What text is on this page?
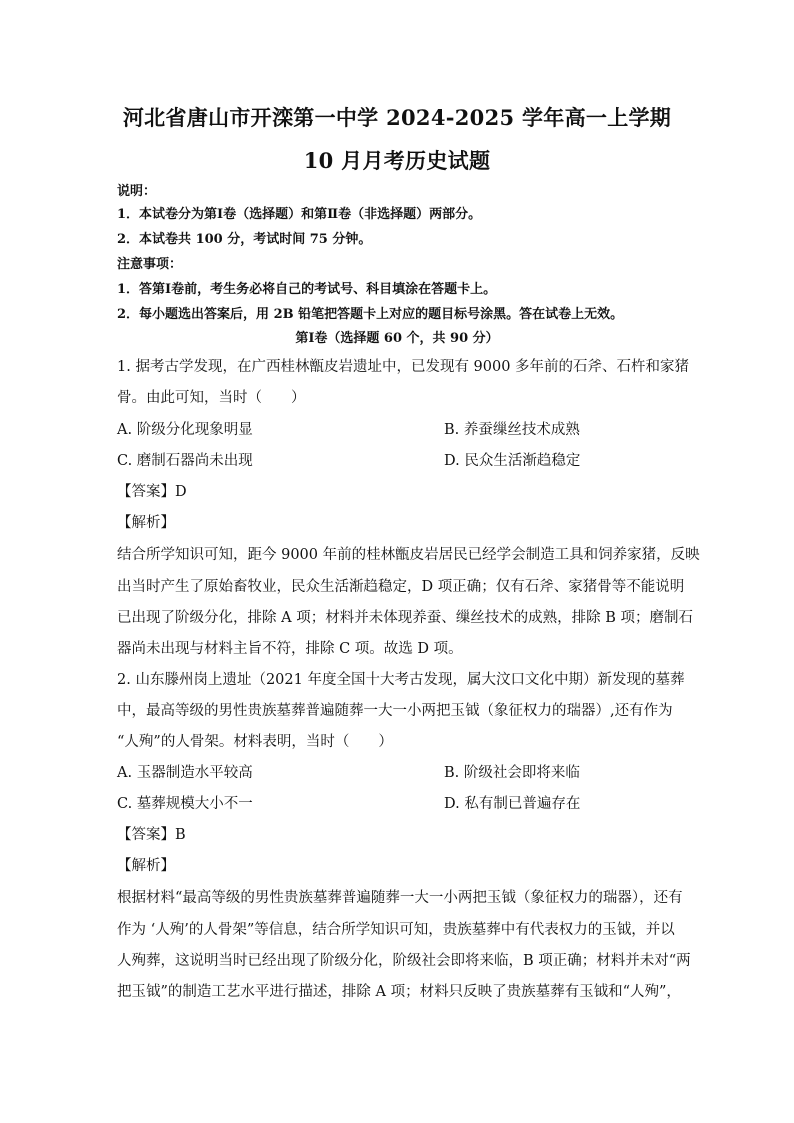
河北省唐山市开滦第一中学 2024-2025 学年高一上学期
10 月月考历史试题
说明：
1．本试卷分为第Ⅰ卷（选择题）和第Ⅱ卷（非选择题）两部分。
2．本试卷共 100 分，考试时间 75 分钟。
注意事项：
1．答第Ⅰ卷前，考生务必将自己的考试号、科目填涂在答题卡上。
2．每小题选出答案后，用 2B 铅笔把答题卡上对应的题目标号涂黑。答在试卷上无效。
第Ⅰ卷（选择题 60 个，共 90 分）
1. 据考古学发现，在广西桂林甑皮岩遗址中，已发现有 9000 多年前的石斧、石杵和家猪
骨。由此可知，当时（　　）
A. 阶级分化现象明显	B. 养蚕缫丝技术成熟
C. 磨制石器尚未出现	D. 民众生活渐趋稳定
【答案】D
【解析】
结合所学知识可知，距今 9000 年前的桂林甑皮岩居民已经学会制造工具和饲养家猪，反映
出当时产生了原始畜牧业，民众生活渐趋稳定，D 项正确；仅有石斧、家猪骨等不能说明
已出现了阶级分化，排除 A 项；材料并未体现养蚕、缫丝技术的成熟，排除 B 项；磨制石
器尚未出现与材料主旨不符，排除 C 项。故选 D 项。
2. 山东滕州岗上遗址（2021 年度全国十大考古发现，属大汶口文化中期）新发现的墓葬
中，最高等级的男性贵族墓葬普遍随葬一大一小两把玉钺（象征权力的瑞器）,还有作为
“人殉”的人骨架。材料表明，当时（　　）
A. 玉器制造水平较高	B. 阶级社会即将来临
C. 墓葬规模大小不一	D. 私有制已普遍存在
【答案】B
【解析】
根据材料“最高等级的男性贵族墓葬普遍随葬一大一小两把玉钺（象征权力的瑞器），还有
作为 ‘人殉’的人骨架”等信息，结合所学知识可知，贵族墓葬中有代表权力的玉钺，并以
人殉葬，这说明当时已经出现了阶级分化，阶级社会即将来临，B 项正确；材料并未对“两
把玉钺”的制造工艺水平进行描述，排除 A 项；材料只反映了贵族墓葬有玉钺和“人殉”，
